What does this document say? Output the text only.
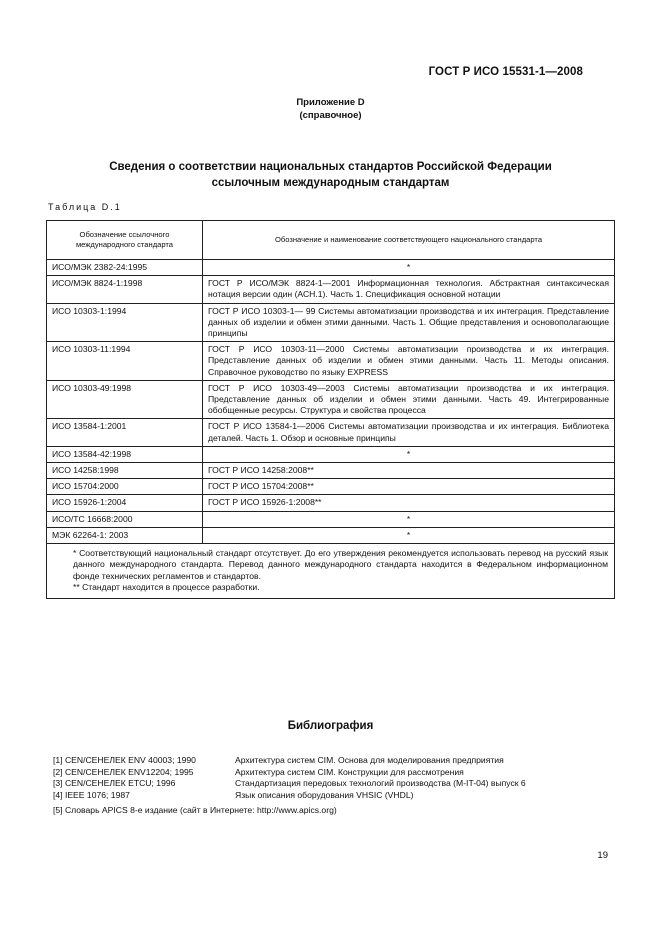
ГОСТ Р ИСО 15531-1—2008
Приложение D
(справочное)
Сведения о соответствии национальных стандартов Российской Федерации
ссылочным международным стандартам
Таблица D.1
Обозначение ссылочного международного стандарта	Обозначение и наименование соответствующего национального стандарта
ИСО/МЭК 2382-24:1995	*
ИСО/МЭК 8824-1:1998	ГОСТ Р ИСО/МЭК 8824-1—2001 Информационная технология. Абстрактная синтаксическая нотация версии один (АСН.1). Часть 1. Спецификация основной нотации
ИСО 10303-1:1994	ГОСТ Р ИСО 10303-1— 99 Системы автоматизации производства и их интеграция. Представление данных об изделии и обмен этими данными. Часть 1. Общие представления и основополагающие принципы
ИСО 10303-11:1994	ГОСТ Р ИСО 10303-11—2000 Системы автоматизации производства и их интеграция. Представление данных об изделии и обмен этими данными. Часть 11. Методы описания. Справочное руководство по языку EXPRESS
ИСО 10303-49:1998	ГОСТ Р ИСО 10303-49—2003 Системы автоматизации производства и их интеграция. Представление данных об изделии и обмен этими данными. Часть 49. Интегрированные обобщенные ресурсы. Структура и свойства процесса
ИСО 13584-1:2001	ГОСТ Р ИСО 13584-1—2006 Системы автоматизации производства и их интеграция. Библиотека деталей. Часть 1. Обзор и основные принципы
ИСО 13584-42:1998	*
ИСО 14258:1998	ГОСТ Р ИСО 14258:2008**
ИСО 15704:2000	ГОСТ Р ИСО 15704:2008**
ИСО 15926-1:2004	ГОСТ Р ИСО 15926-1:2008**
ИСО/ТС 16668:2000	*
МЭК 62264-1: 2003	*

* Соответствующий национальный стандарт отсутствует. До его утверждения рекомендуется использовать перевод на русский язык данного международного стандарта. Перевод данного международного стандарта находится в Федеральном информационном фонде технических регламентов и стандартов.
** Стандарт находится в процессе разработки.	
Библиография
[1] CEN/СЕНЕЛЕК ENV 40003; 1990	Архитектура систем CIM. Основа для моделирования предприятия
[2] CEN/СЕНЕЛЕК ENV12204; 1995	Архитектура систем CIM. Конструкции для рассмотрения
[3] CEN/СЕНЕЛЕК ETCU; 1996	Стандартизация передовых технологий производства (M-IT-04) выпуск 6
[4] IEEE 1076; 1987	Язык описания оборудования VHSIC (VHDL)
[5] Словарь APICS 8-е издание (сайт в Интернете: http://www.apics.org)
19
